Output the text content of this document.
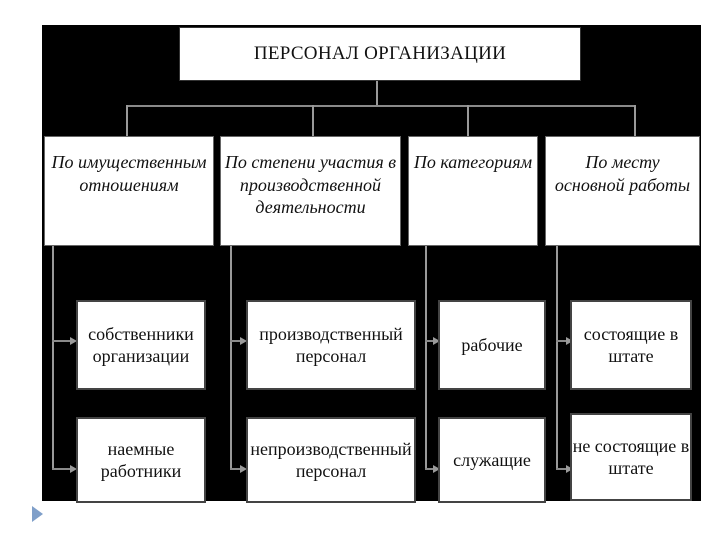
ПЕРСОНАЛ ОРГАНИЗАЦИИ
По имущественным
отношениям
По степени участия в
производственной
деятельности
По категориям	По месту
основной работы
собственники
организации
производственный
персонал
рабочие
состоящие в
штате
наемные
работники
непроизводственный
персонал
служащие
не состоящие в
штате
